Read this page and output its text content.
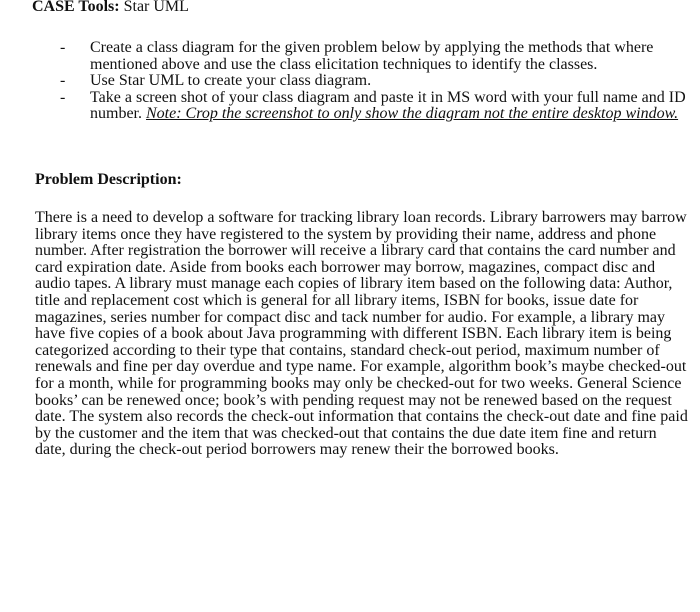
CASE Tools: Star UML

- Create a class diagram for the given problem below by applying the methods that where mentioned above and use the class elicitation techniques to identify the classes.
- Use Star UML to create your class diagram.
- Take a screen shot of your class diagram and paste it in MS word with your full name and ID number. Note: Crop the screenshot to only show the diagram not the entire desktop window.

Problem Description:

There is a need to develop a software for tracking library loan records. Library barrowers may barrow library items once they have registered to the system by providing their name, address and phone number. After registration the borrower will receive a library card that contains the card number and card expiration date. Aside from books each borrower may borrow, magazines, compact disc and audio tapes. A library must manage each copies of library item based on the following data: Author, title and replacement cost which is general for all library items, ISBN for books, issue date for magazines, series number for compact disc and tack number for audio. For example, a library may have five copies of a book about Java programming with different ISBN. Each library item is being categorized according to their type that contains, standard check-out period, maximum number of renewals and fine per day overdue and type name. For example, algorithm book’s maybe checked-out for a month, while for programming books may only be checked-out for two weeks. General Science books’ can be renewed once; book’s with pending request may not be renewed based on the request date. The system also records the check-out information that contains the check-out date and fine paid by the customer and the item that was checked-out that contains the due date item fine and return date, during the check-out period borrowers may renew their the borrowed books.
